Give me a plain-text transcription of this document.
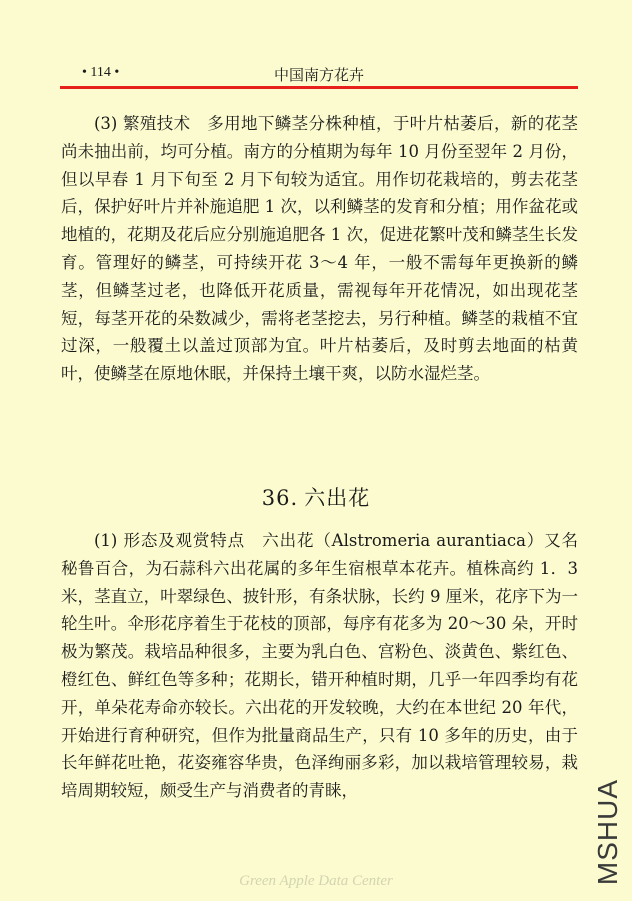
• 114 •	中国南方花卉

(3) 繁殖技术　多用地下鳞茎分株种植，于叶片枯萎后，新的花茎尚未抽出前，均可分植。南方的分植期为每年 10 月份至翌年 2 月份，但以早春 1 月下旬至 2 月下旬较为适宜。用作切花栽培的，剪去花茎后，保护好叶片并补施追肥 1 次，以利鳞茎的发育和分植；用作盆花或地植的，花期及花后应分别施追肥各 1 次，促进花繁叶茂和鳞茎生长发育。管理好的鳞茎，可持续开花 3～4 年，一般不需每年更换新的鳞茎，但鳞茎过老，也降低开花质量，需视每年开花情况，如出现花茎短，每茎开花的朵数减少，需将老茎挖去，另行种植。鳞茎的栽植不宜过深，一般覆土以盖过顶部为宜。叶片枯萎后，及时剪去地面的枯黄叶，使鳞茎在原地休眠，并保持土壤干爽，以防水湿烂茎。

36. 六出花

(1) 形态及观赏特点　六出花（Alstromeria aurantiaca）又名秘鲁百合，为石蒜科六出花属的多年生宿根草本花卉。植株高约 1．3 米，茎直立，叶翠绿色、披针形，有条状脉，长约 9 厘米，花序下为一轮生叶。伞形花序着生于花枝的顶部，每序有花多为 20～30 朵，开时极为繁茂。栽培品种很多，主要为乳白色、宫粉色、淡黄色、紫红色、橙红色、鲜红色等多种；花期长，错开种植时期，几乎一年四季均有花开，单朵花寿命亦较长。六出花的开发较晚，大约在本世纪 20 年代，开始进行育种研究，但作为批量商品生产，只有 10 多年的历史，由于长年鲜花吐艳，花姿雍容华贵，色泽绚丽多彩，加以栽培管理较易，栽培周期较短，颇受生产与消费者的青睐，	MSHUA
Green Apple Data Center
